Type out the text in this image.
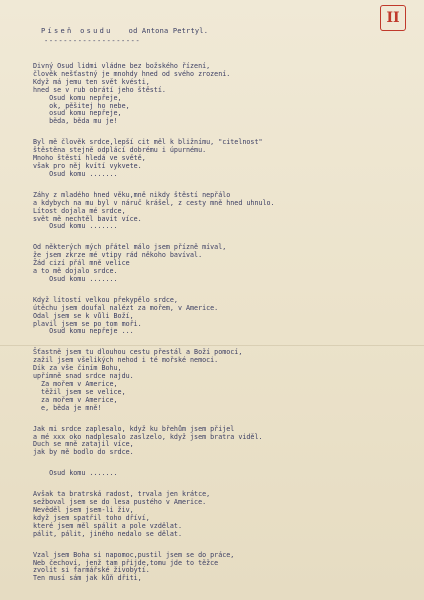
II
Píseň osudu od Antona Petrtyl.
--------------------
Divný Osud lidmi vládne bez božského řízení,
člověk nešťastný je mnohdy hned od svého zrození.
Když má jemu ten svět kvésti,
hned se v rub obrátí jeho štěstí.
Osud komu nepřeje,
ok, pěšitej ho nebe,
osud komu nepřeje,
běda, běda mu je!
Byl mě člověk srdce,lepší cit měl k bližnímu, "citelnost"
štěstěna stejně odplácí dobrému i úpurnému.
Mnoho štěstí hledá ve světě,
však pro něj kvítí vykvete.
Osud komu .......
Záhy z mladého hned věku,mně nikdy štěstí nepřálo
a kdybych na mu byl v náruč krášel, z cesty mně hned uhnulo.
Lítost dojala mé srdce,
svět mě nechtěl bavit více.
Osud komu .......
Od některých mých přátel málo jsem přízně míval,
že jsem zkrze mé vtipy rád někoho bavíval.
Žád cizí přál mně velice
a to mě dojalo srdce.
Osud komu .......
Když lítostí velkou překypělo srdce,
útěchu jsem doufal nalézt za mořem, v Americe.
Odal jsem se k vůli Boží,
plavil jsem se po tom moři.
Osud komu nepřeje ...
Šťastně jsem tu dlouhou cestu přestál a Boží pomocí,
zažil jsem všelikých nehod i té mořské nemoci.
Dík za vše činím Bohu,
upřímně snad srdce najdu.
Za mořem v Americe,
těžil jsem se velice,
za mořem v Americe,
e, běda je mně!
Jak mi srdce zaplesalo, když ku břehům jsem přijel
a mé xxx oko nadplesalo zaslzelo, když jsem bratra viděl.
Duch se mně zatajil více,
jak by mě bodlo do srdce.
Osud komu .......
Avšak ta bratrská radost, trvala jen krátce,
sežboval jsem se do lesa pustého v Americe.
Nevěděl jsem jsem-li živ,
když jsem spatřil toho dříví,
které jsem měl spálit a pole vzdělat.
pálit, pálit, jiného nedalo se dělat.
Vzal jsem Boha si napomoc,pustil jsem se do práce,
Neb čechoví, jenž tam přijde,tomu jde to těžce
zvolit si farmářské živobytí.
Ten musí sám jak kůň dřiti,
